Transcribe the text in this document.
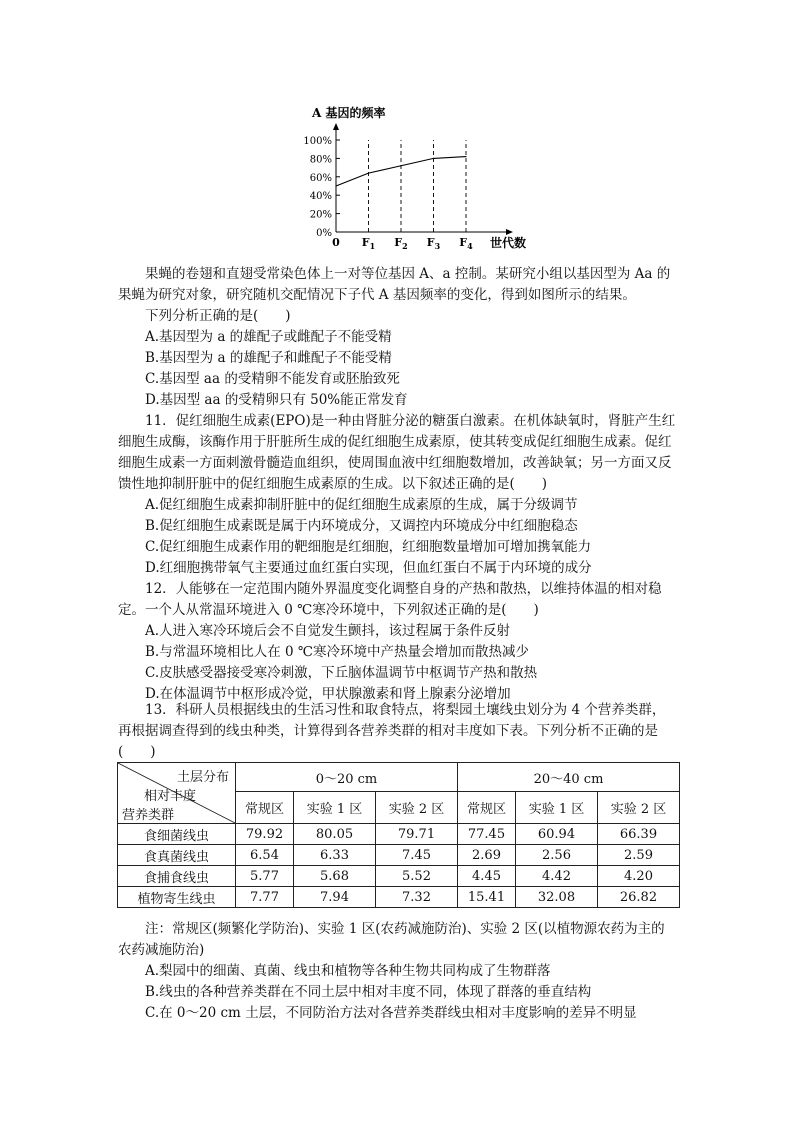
A 基因的频率
100%
80%
60%
40%
20%
0%
0 $F_1$ $F_2$ $F_3$ $F_4$ 世代数

果蝇的卷翅和直翅受常染色体上一对等位基因 A、a 控制。某研究小组以基因型为 Aa 的果蝇为研究对象，研究随机交配情况下子代 A 基因频率的变化，得到如图所示的结果。

下列分析正确的是(　　)

A.基因型为 a 的雄配子或雌配子不能受精

B.基因型为 a 的雄配子和雌配子不能受精

C.基因型 aa 的受精卵不能发育或胚胎致死

D.基因型 aa 的受精卵只有 50%能正常发育

11．促红细胞生成素(EPO)是一种由肾脏分泌的糖蛋白激素。在机体缺氧时，肾脏产生红细胞生成酶，该酶作用于肝脏所生成的促红细胞生成素原，使其转变成促红细胞生成素。促红细胞生成素一方面刺激骨髓造血组织，使周围血液中红细胞数增加，改善缺氧；另一方面又反馈性地抑制肝脏中的促红细胞生成素原的生成。以下叙述正确的是(　　)

A.促红细胞生成素抑制肝脏中的促红细胞生成素原的生成，属于分级调节

B.促红细胞生成素既是属于内环境成分，又调控内环境成分中红细胞稳态

C.促红细胞生成素作用的靶细胞是红细胞，红细胞数量增加可增加携氧能力

D.红细胞携带氧气主要通过血红蛋白实现，但血红蛋白不属于内环境的成分

12．人能够在一定范围内随外界温度变化调整自身的产热和散热，以维持体温的相对稳定。一个人从常温环境进入 0 ℃寒冷环境中，下列叙述正确的是(　　)

A.人进入寒冷环境后会不自觉发生颤抖，该过程属于条件反射

B.与常温环境相比人在 0 ℃寒冷环境中产热量会增加而散热减少

C.皮肤感受器接受寒冷刺激，下丘脑体温调节中枢调节产热和散热

D.在体温调节中枢形成冷觉，甲状腺激素和肾上腺素分泌增加

13．科研人员根据线虫的生活习性和取食特点，将梨园土壤线虫划分为 4 个营养类群，再根据调查得到的线虫种类，计算得到各营养类群的相对丰度如下表。下列分析不正确的是(　　)

土层分布
相对丰度
营养类群	0～20 cm			20～40 cm		
	常规区	实验 1 区	实验 2 区	常规区	实验 1 区	实验 2 区
食细菌线虫	79.92	80.05	79.71	77.45	60.94	66.39
食真菌线虫	6.54	6.33	7.45	2.69	2.56	2.59
食捕食线虫	5.77	5.68	5.52	4.45	4.42	4.20
植物寄生线虫	7.77	7.94	7.32	15.41	32.08	26.82

注：常规区(频繁化学防治)、实验 1 区(农药减施防治)、实验 2 区(以植物源农药为主的农药减施防治)

A.梨园中的细菌、真菌、线虫和植物等各种生物共同构成了生物群落

B.线虫的各种营养类群在不同土层中相对丰度不同，体现了群落的垂直结构

C.在 0～20 cm 土层，不同防治方法对各营养类群线虫相对丰度影响的差异不明显
